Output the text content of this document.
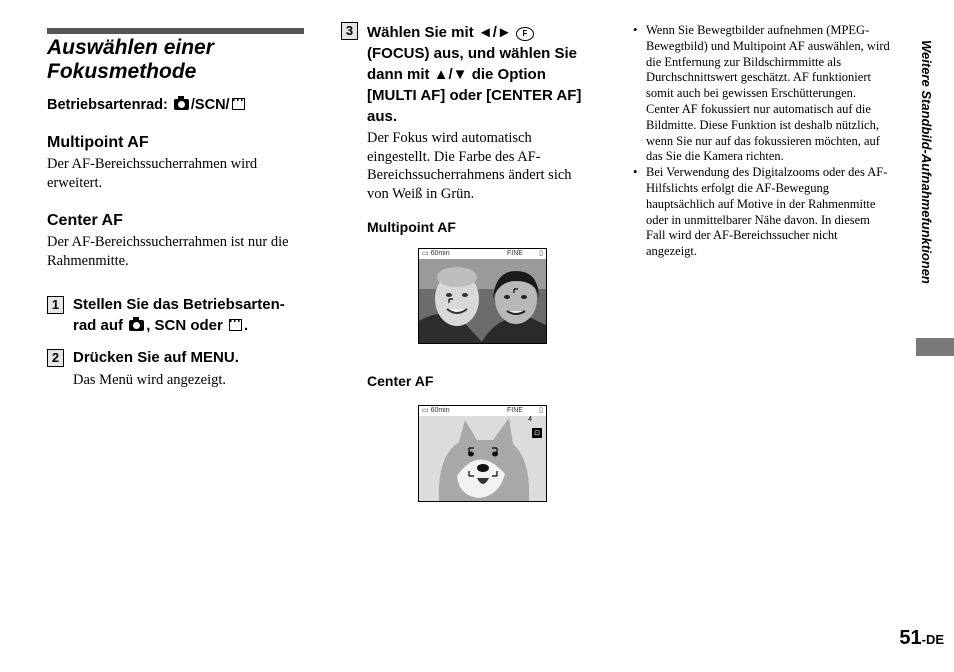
Auswählen einer
Fokusmethode
Betriebsartenrad: /SCN/
Multipoint AF

Der AF-Bereichssucherrahmen wird erweitert.

Center AF

Der AF-Bereichssucherrahmen ist nur die Rahmenmitte.

1 Stellen Sie das Betriebsarten-
rad auf , SCN oder .
2 Drücken Sie auf MENU.

Das Menü wird angezeigt.

3 Wählen Sie mit ◄/► F
(FOCUS) aus, und wählen Sie
dann mit ▲/▼ die Option
[MULTI AF] oder [CENTER AF]
aus.

Der Fokus wird automatisch eingestellt. Die Farbe des AF-Bereichssucherrahmens ändert sich von Weiß in Grün.

Multipoint AF
▭ 60min	FINE ▯
Center AF
▭ 60min	FINE ▯
4
⊡
• Wenn Sie Bewegtbilder aufnehmen (MPEG-Bewegtbild) und Multipoint AF auswählen, wird die Entfernung zur Bildschirmmitte als Durchschnittswert geschätzt. AF funktioniert somit auch bei gewissen Erschütterungen. Center AF fokussiert nur automatisch auf die Bildmitte. Diese Funktion ist deshalb nützlich, wenn Sie nur auf das fokussieren möchten, auf das Sie die Kamera richten.
• Bei Verwendung des Digitalzooms oder des AF-Hilfslichts erfolgt die AF-Bewegung hauptsächlich auf Motive in der Rahmenmitte oder in unmittelbarer Nähe davon. In diesem Fall wird der AF-Bereichssucher nicht angezeigt.	Weitere Standbild-Aufnahmefunktionen
51-DE
